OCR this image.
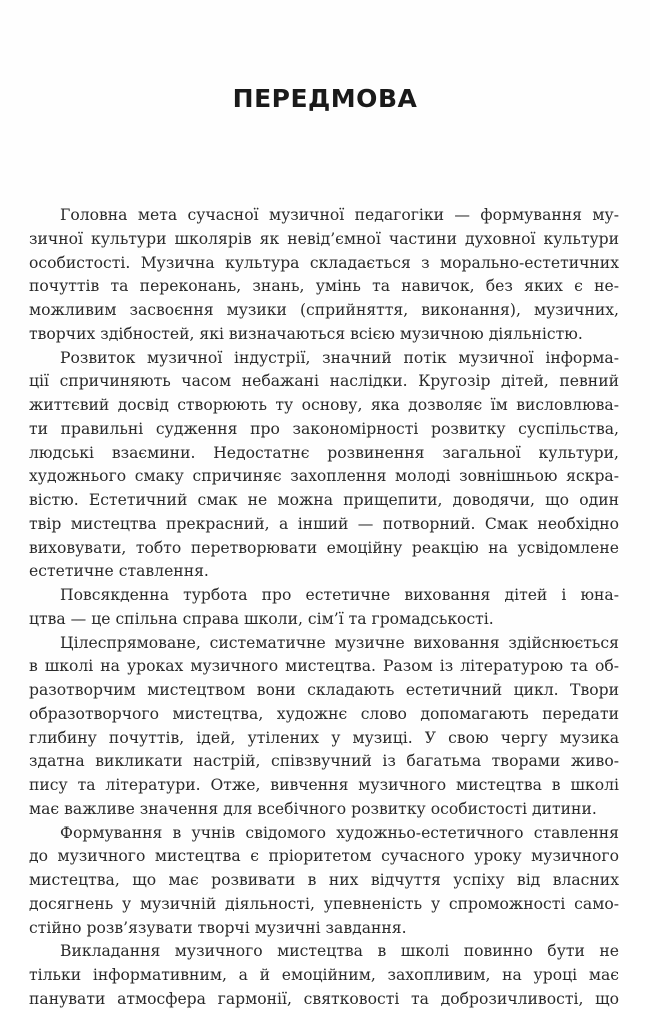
ПЕРЕДМОВА
Головна мета сучасної музичної педагогіки — формування му-
зичної культури школярів як невід’ємної частини духовної культури
особистості. Музична культура складається з морально-естетичних
почуттів та переконань, знань, умінь та навичок, без яких є не-
можливим засвоєння музики (сприйняття, виконання), музичних,
творчих здібностей, які визначаються всією музичною діяльністю.
Розвиток музичної індустрії, значний потік музичної інформа-
ції спричиняють часом небажані наслідки. Кругозір дітей, певний
життєвий досвід створюють ту основу, яка дозволяє їм висловлюва-
ти правильні судження про закономірності розвитку суспільства,
людські взаємини. Недостатнє розвинення загальної культури,
художнього смаку спричиняє захоплення молоді зовнішньою яскра-
вістю. Естетичний смак не можна прищепити, доводячи, що один
твір мистецтва прекрасний, а інший — потворний. Смак необхідно
виховувати, тобто перетворювати емоційну реакцію на усвідомлене
естетичне ставлення.
Повсякденна турбота про естетичне виховання дітей і юна-
цтва — це спільна справа школи, сім’ї та громадськості.
Цілеспрямоване, систематичне музичне виховання здійснюється
в школі на уроках музичного мистецтва. Разом із літературою та об-
разотворчим мистецтвом вони складають естетичний цикл. Твори
образотворчого мистецтва, художнє слово допомагають передати
глибину почуттів, ідей, утілених у музиці. У свою чергу музика
здатна викликати настрій, співзвучний із багатьма творами живо-
пису та літератури. Отже, вивчення музичного мистецтва в школі
має важливе значення для всебічного розвитку особистості дитини.
Формування в учнів свідомого художньо-естетичного ставлення
до музичного мистецтва є пріоритетом сучасного уроку музичного
мистецтва, що має розвивати в них відчуття успіху від власних
досягнень у музичній діяльності, упевненість у спроможності само-
стійно розв’язувати творчі музичні завдання.
Викладання музичного мистецтва в школі повинно бути не
тільки інформативним, а й емоційним, захопливим, на уроці має
панувати атмосфера гармонії, святковості та доброзичливості, що
